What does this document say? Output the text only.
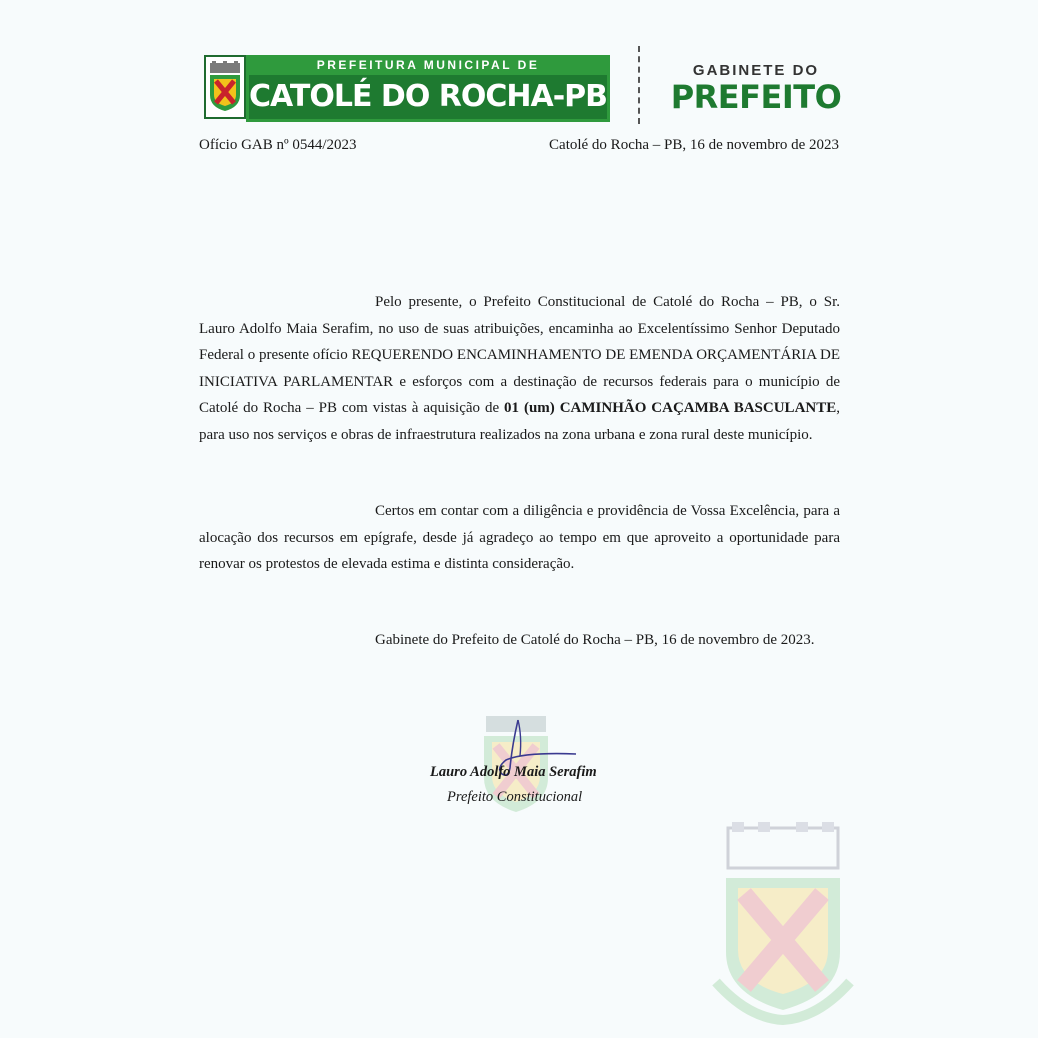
PREFEITURA MUNICIPAL DE
CATOLÉ DO ROCHA-PB
GABINETE DO
PREFEITO
Ofício GAB nº 0544/2023	Catolé do Rocha – PB, 16 de novembro de 2023

Pelo presente, o Prefeito Constitucional de Catolé do Rocha – PB, o Sr. Lauro Adolfo Maia Serafim, no uso de suas atribuições, encaminha ao Excelentíssimo Senhor Deputado Federal o presente ofício REQUERENDO ENCAMINHAMENTO DE EMENDA ORÇAMENTÁRIA DE INICIATIVA PARLAMENTAR e esforços com a destinação de recursos federais para o município de Catolé do Rocha – PB com vistas à aquisição de 01 (um) CAMINHÃO CAÇAMBA BASCULANTE, para uso nos serviços e obras de infraestrutura realizados na zona urbana e zona rural deste município.

Certos em contar com a diligência e providência de Vossa Excelência, para a alocação dos recursos em epígrafe, desde já agradeço ao tempo em que aproveito a oportunidade para renovar os protestos de elevada estima e distinta consideração.

Gabinete do Prefeito de Catolé do Rocha – PB, 16 de novembro de 2023.
Lauro Adolfo Maia Serafim
Prefeito Constitucional
